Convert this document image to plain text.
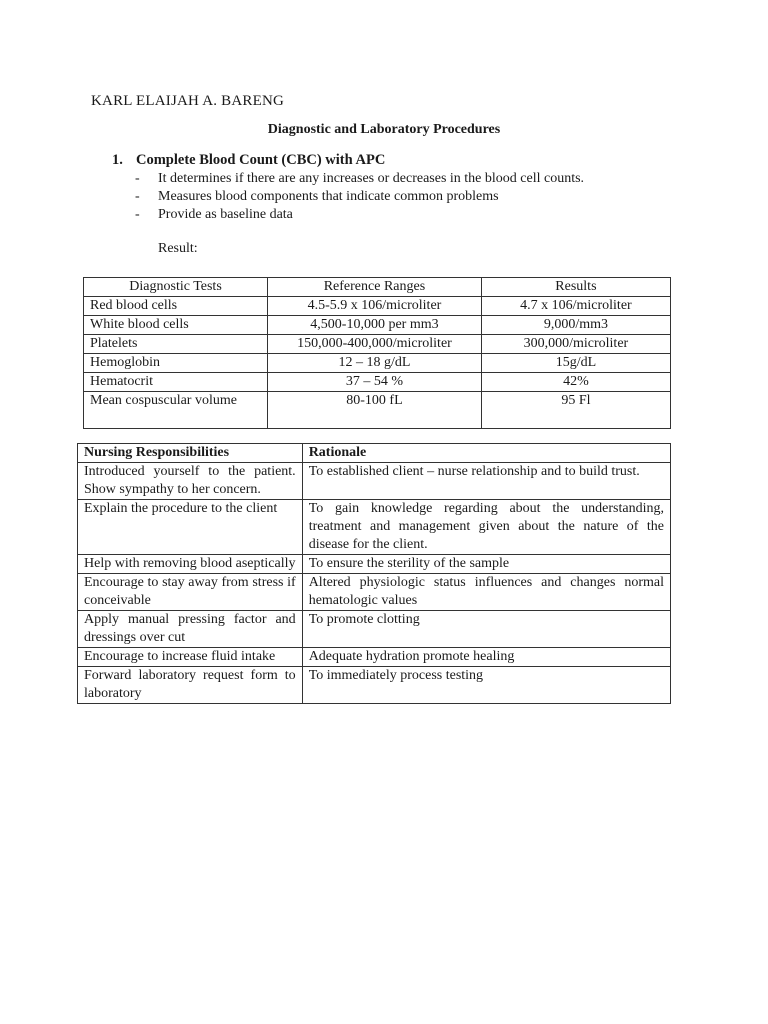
KARL ELAIJAH A. BARENG
Diagnostic and Laboratory Procedures
1. Complete Blood Count (CBC) with APC
- It determines if there are any increases or decreases in the blood cell counts.
- Measures blood components that indicate common problems
- Provide as baseline data
Result:
Diagnostic Tests	Reference Ranges	Results
Red blood cells	4.5-5.9 x 106/microliter	4.7 x 106/microliter
White blood cells	4,500-10,000 per mm3	9,000/mm3
Platelets	150,000-400,000/microliter	300,000/microliter
Hemoglobin	12 – 18 g/dL	15g/dL
Hematocrit	37 – 54 %	42%
Mean cospuscular volume	80-100 fL	95 Fl
Nursing Responsibilities	Rationale
Introduced yourself to the patient. Show sympathy to her concern.	To established client – nurse relationship and to build trust.
Explain the procedure to the client	To gain knowledge regarding about the understanding, treatment and management given about the nature of the disease for the client.
Help with removing blood aseptically	To ensure the sterility of the sample
Encourage to stay away from stress if conceivable	Altered physiologic status influences and changes normal hematologic values
Apply manual pressing factor and dressings over cut	To promote clotting
Encourage to increase fluid intake	Adequate hydration promote healing
Forward laboratory request form to laboratory	To immediately process testing
